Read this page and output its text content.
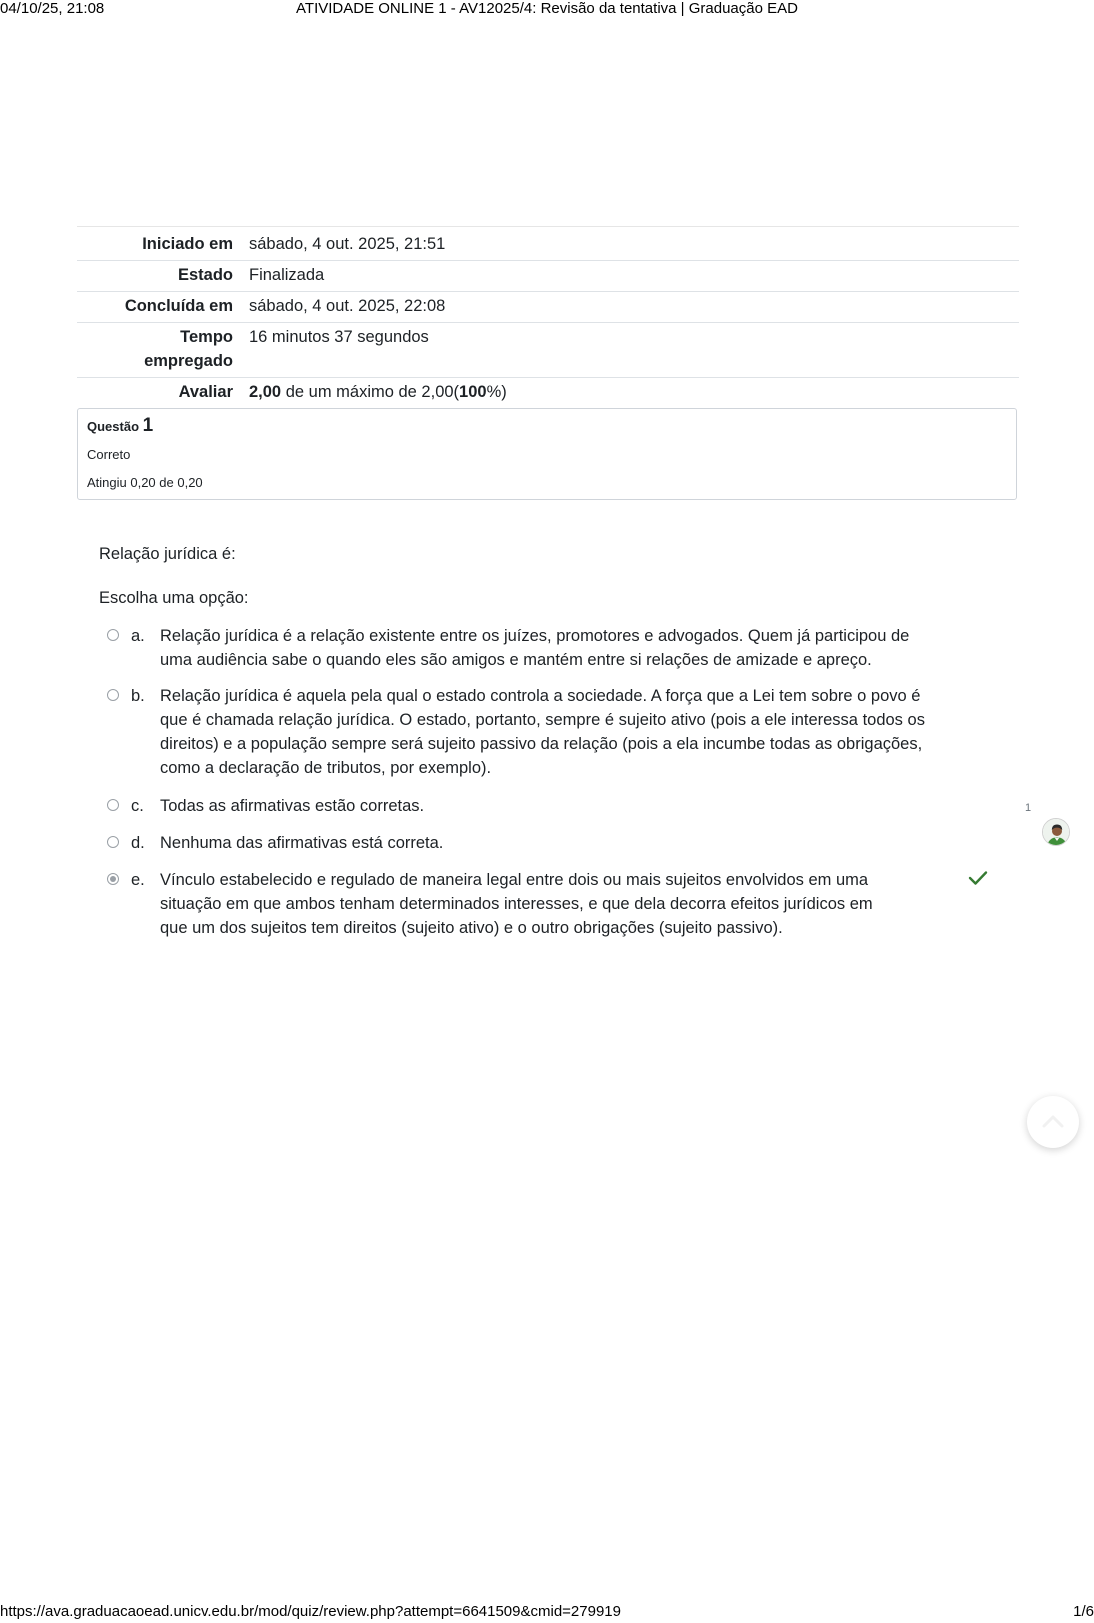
04/10/25, 21:08	ATIVIDADE ONLINE 1 - AV12025/4: Revisão da tentativa | Graduação EAD
Iniciado em	sábado, 4 out. 2025, 21:51
Estado	Finalizada
Concluída em	sábado, 4 out. 2025, 22:08
Tempo
empregado	16 minutos 37 segundos
Avaliar	2,00 de um máximo de 2,00(100%)
Questão 1
Correto
Atingiu 0,20 de 0,20
Relação jurídica é:
Escolha uma opção:
a. Relação jurídica é a relação existente entre os juízes, promotores e advogados. Quem já participou de
uma audiência sabe o quando eles são amigos e mantém entre si relações de amizade e apreço.
b. Relação jurídica é aquela pela qual o estado controla a sociedade. A força que a Lei tem sobre o povo é
que é chamada relação jurídica. O estado, portanto, sempre é sujeito ativo (pois a ele interessa todos os
direitos) e a população sempre será sujeito passivo da relação (pois a ela incumbe todas as obrigações,
como a declaração de tributos, por exemplo).
c. Todas as afirmativas estão corretas.
d. Nenhuma das afirmativas está correta.
e. Vínculo estabelecido e regulado de maneira legal entre dois ou mais sujeitos envolvidos em uma
situação em que ambos tenham determinados interesses, e que dela decorra efeitos jurídicos em
que um dos sujeitos tem direitos (sujeito ativo) e o outro obrigações (sujeito passivo).
1
https://ava.graduacaoead.unicv.edu.br/mod/quiz/review.php?attempt=6641509&cmid=279919	1/6
